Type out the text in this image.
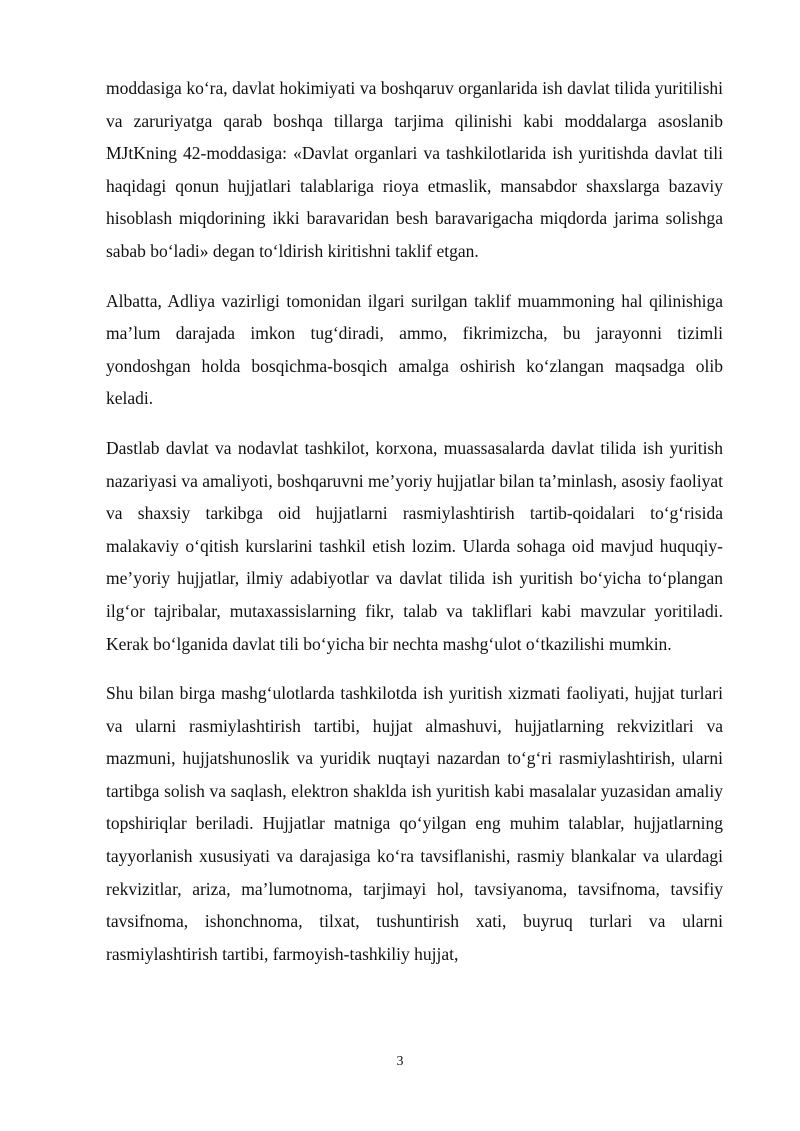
moddasiga koʻra, davlat hokimiyati va boshqaruv organlarida ish davlat tilida yuritilishi va zaruriyatga qarab boshqa tillarga tarjima qilinishi kabi moddalarga asoslanib MJtKning 42-moddasiga: «Davlat organlari va tashkilotlarida ish yuritishda davlat tili haqidagi qonun hujjatlari talablariga rioya etmaslik, mansabdor shaxslarga bazaviy hisoblash miqdorining ikki baravaridan besh baravarigacha miqdorda jarima solishga sabab boʻladi» degan toʻldirish kiritishni taklif etgan.

Albatta, Adliya vazirligi tomonidan ilgari surilgan taklif muammoning hal qilinishiga maʼlum darajada imkon tugʻdiradi, ammo, fikrimizcha, bu jarayonni tizimli yondoshgan holda bosqichma-bosqich amalga oshirish koʻzlangan maqsadga olib keladi.

Dastlab davlat va nodavlat tashkilot, korxona, muassasalarda davlat tilida ish yuritish nazariyasi va amaliyoti, boshqaruvni meʼyoriy hujjatlar bilan taʼminlash, asosiy faoliyat va shaxsiy tarkibga oid hujjatlarni rasmiylashtirish tartib-qoidalari toʻgʻrisida malakaviy oʻqitish kurslarini tashkil etish lozim. Ularda sohaga oid mavjud huquqiy-meʼyoriy hujjatlar, ilmiy adabiyotlar va davlat tilida ish yuritish boʻyicha toʻplangan ilgʻor tajribalar, mutaxassislarning fikr, talab va takliflari kabi mavzular yoritiladi. Kerak boʻlganida davlat tili boʻyicha bir nechta mashgʻulot oʻtkazilishi mumkin.

Shu bilan birga mashgʻulotlarda tashkilotda ish yuritish xizmati faoliyati, hujjat turlari va ularni rasmiylashtirish tartibi, hujjat almashuvi, hujjatlarning rekvizitlari va mazmuni, hujjatshunoslik va yuridik nuqtayi nazardan toʻgʻri rasmiylashtirish, ularni tartibga solish va saqlash, elektron shaklda ish yuritish kabi masalalar yuzasidan amaliy topshiriqlar beriladi. Hujjatlar matniga qoʻyilgan eng muhim talablar, hujjatlarning tayyorlanish xususiyati va darajasiga koʻra tavsiflanishi, rasmiy blankalar va ulardagi rekvizitlar, ariza, maʼlumotnoma, tarjimayi hol, tavsiyanoma, tavsifnoma, tavsifiy tavsifnoma, ishonchnoma, tilxat, tushuntirish xati, buyruq turlari va ularni rasmiylashtirish tartibi, farmoyish-tashkiliy hujjat,

3
